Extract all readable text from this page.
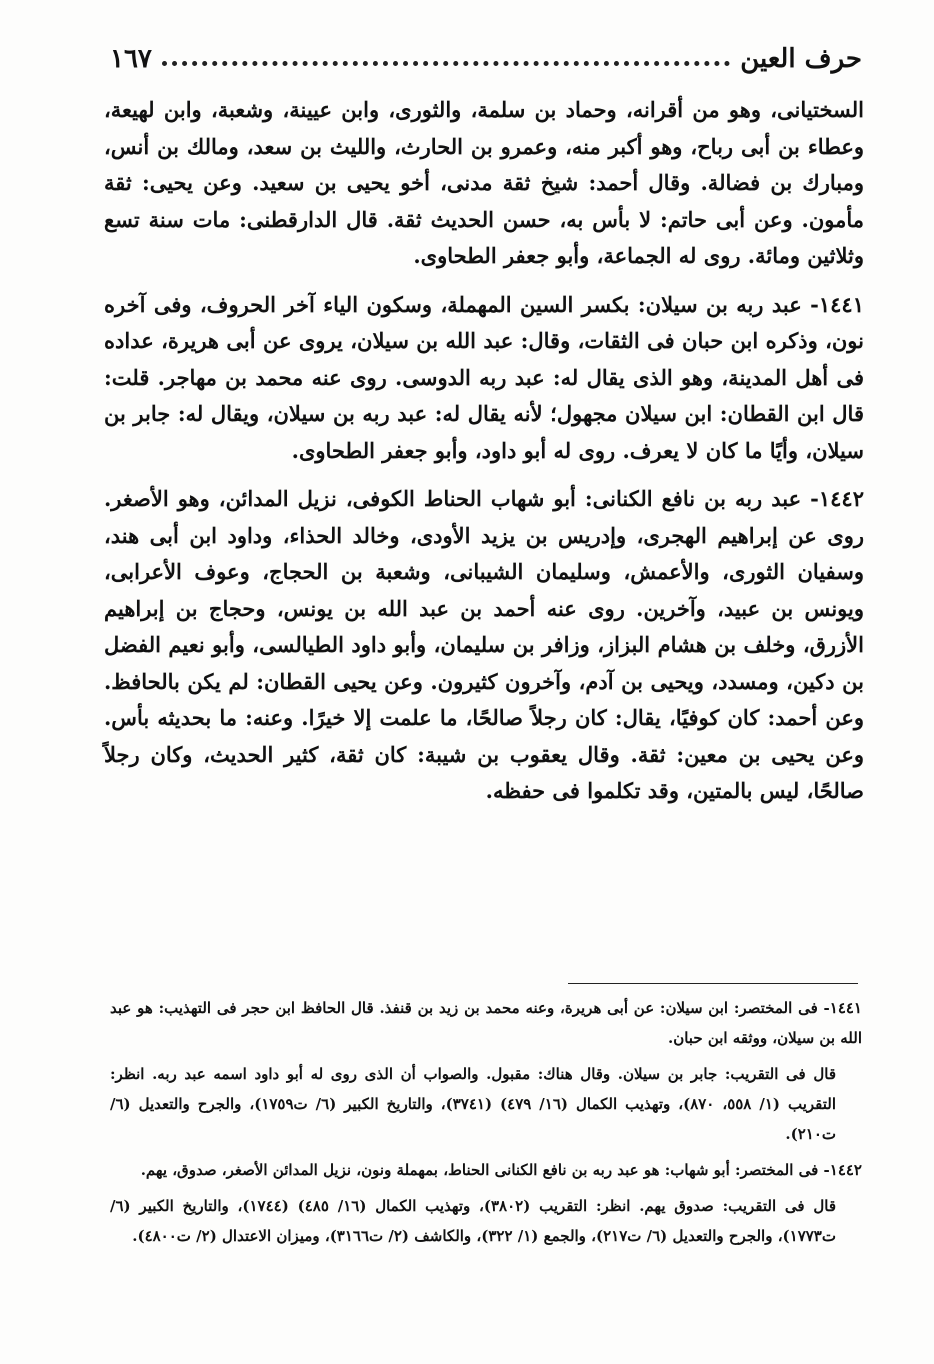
حرف العين
١٦٧

السختيانى، وهو من أقرانه، وحماد بن سلمة، والثورى، وابن عيينة، وشعبة، وابن لهيعة، وعطاء بن أبى رباح، وهو أكبر منه، وعمرو بن الحارث، والليث بن سعد، ومالك بن أنس، ومبارك بن فضالة. وقال أحمد: شيخ ثقة مدنى، أخو يحيى بن سعيد. وعن يحيى: ثقة مأمون. وعن أبى حاتم: لا بأس به، حسن الحديث ثقة. قال الدارقطنى: مات سنة تسع وثلاثين ومائة. روى له الجماعة، وأبو جعفر الطحاوى.

١٤٤١- عبد ربه بن سيلان: بكسر السين المهملة، وسكون الياء آخر الحروف، وفى آخره نون، وذكره ابن حبان فى الثقات، وقال: عبد الله بن سيلان، يروى عن أبى هريرة، عداده فى أهل المدينة، وهو الذى يقال له: عبد ربه الدوسى. روى عنه محمد بن مهاجر. قلت: قال ابن القطان: ابن سيلان مجهول؛ لأنه يقال له: عبد ربه بن سيلان، ويقال له: جابر بن سيلان، وأيًا ما كان لا يعرف. روى له أبو داود، وأبو جعفر الطحاوى.

١٤٤٢- عبد ربه بن نافع الكنانى: أبو شهاب الحناط الكوفى، نزيل المدائن، وهو الأصغر. روى عن إبراهيم الهجرى، وإدريس بن يزيد الأودى، وخالد الحذاء، وداود ابن أبى هند، وسفيان الثورى، والأعمش، وسليمان الشيبانى، وشعبة بن الحجاج، وعوف الأعرابى، ويونس بن عبيد، وآخرين. روى عنه أحمد بن عبد الله بن يونس، وحجاج بن إبراهيم الأزرق، وخلف بن هشام البزاز، وزافر بن سليمان، وأبو داود الطيالسى، وأبو نعيم الفضل بن دكين، ومسدد، ويحيى بن آدم، وآخرون كثيرون. وعن يحيى القطان: لم يكن بالحافظ. وعن أحمد: كان كوفيًا، يقال: كان رجلاً صالحًا، ما علمت إلا خيرًا. وعنه: ما بحديثه بأس. وعن يحيى بن معين: ثقة. وقال يعقوب بن شيبة: كان ثقة، كثير الحديث، وكان رجلاً صالحًا، ليس بالمتين، وقد تكلموا فى حفظه.

١٤٤١- فى المختصر: ابن سيلان: عن أبى هريرة، وعنه محمد بن زيد بن قنفذ. قال الحافظ ابن حجر فى التهذيب: هو عبد الله بن سيلان، ووثقه ابن حبان.

قال فى التقريب: جابر بن سيلان. وقال هناك: مقبول. والصواب أن الذى روى له أبو داود اسمه عبد ربه. انظر: التقريب (١/ ٥٥٨، ٨٧٠)، وتهذيب الكمال (١٦/ ٤٧٩) (٣٧٤١)، والتاريخ الكبير (٦/ ت١٧٥٩)، والجرح والتعديل (٦/ ت٢١٠).

١٤٤٢- فى المختصر: أبو شهاب: هو عبد ربه بن نافع الكنانى الحناط، بمهملة ونون، نزيل المدائن الأصغر، صدوق، يهم.

قال فى التقريب: صدوق يهم. انظر: التقريب (٣٨٠٢)، وتهذيب الكمال (١٦/ ٤٨٥) (١٧٤٤)، والتاريخ الكبير (٦/ ت١٧٧٣)، والجرح والتعديل (٦/ ت٢١٧)، والجمع (١/ ٣٢٢)، والكاشف (٢/ ت٣١٦٦)، وميزان الاعتدال (٢/ ت٤٨٠٠).
